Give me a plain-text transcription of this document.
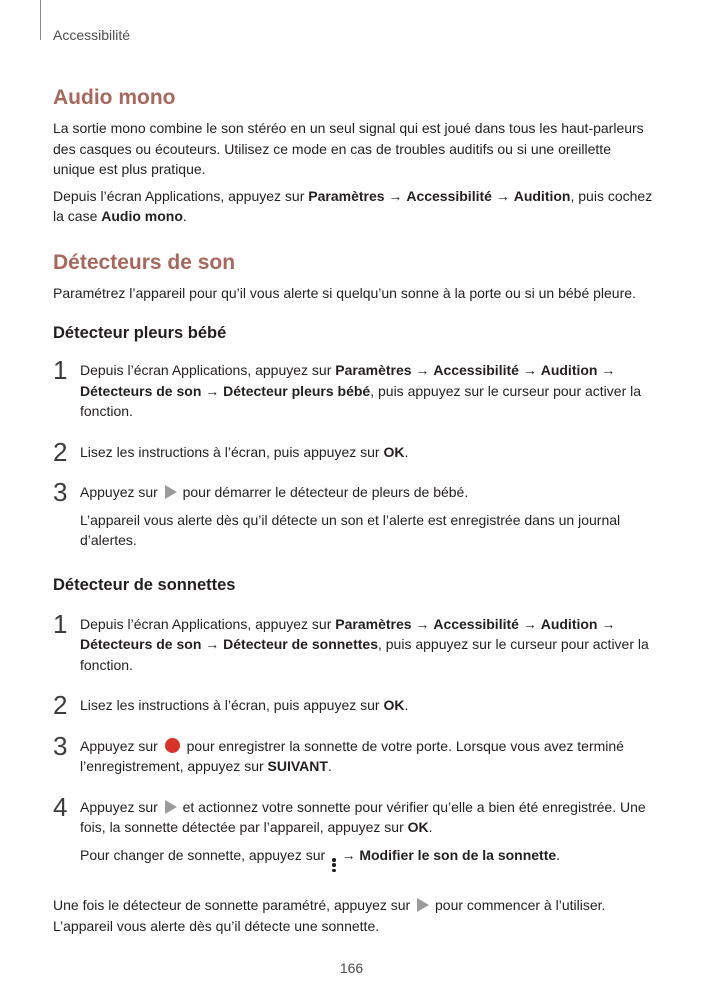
Accessibilité
Audio mono

La sortie mono combine le son stéréo en un seul signal qui est joué dans tous les haut-parleurs des casques ou écouteurs. Utilisez ce mode en cas de troubles auditifs ou si une oreillette unique est plus pratique.

Depuis l’écran Applications, appuyez sur Paramètres → Accessibilité → Audition, puis cochez la case Audio mono.

Détecteurs de son

Paramétrez l’appareil pour qu’il vous alerte si quelqu’un sonne à la porte ou si un bébé pleure.

Détecteur pleurs bébé
1 Depuis l’écran Applications, appuyez sur Paramètres → Accessibilité → Audition → Détecteurs de son → Détecteur pleurs bébé, puis appuyez sur le curseur pour activer la fonction.

2 Lisez les instructions à l’écran, puis appuyez sur OK.

3 Appuyez sur  pour démarrer le détecteur de pleurs de bébé.

L’appareil vous alerte dès qu’il détecte un son et l’alerte est enregistrée dans un journal d’alertes.

Détecteur de sonnettes
1 Depuis l’écran Applications, appuyez sur Paramètres → Accessibilité → Audition → Détecteurs de son → Détecteur de sonnettes, puis appuyez sur le curseur pour activer la fonction.

2 Lisez les instructions à l’écran, puis appuyez sur OK.

3 Appuyez sur  pour enregistrer la sonnette de votre porte. Lorsque vous avez terminé l’enregistrement, appuyez sur SUIVANT.

4 Appuyez sur  et actionnez votre sonnette pour vérifier qu’elle a bien été enregistrée. Une fois, la sonnette détectée par l’appareil, appuyez sur OK.

Pour changer de sonnette, appuyez sur
→ Modifier le son de la sonnette.

Une fois le détecteur de sonnette paramétré, appuyez sur  pour commencer à l’utiliser. L’appareil vous alerte dès qu’il détecte une sonnette.

166
